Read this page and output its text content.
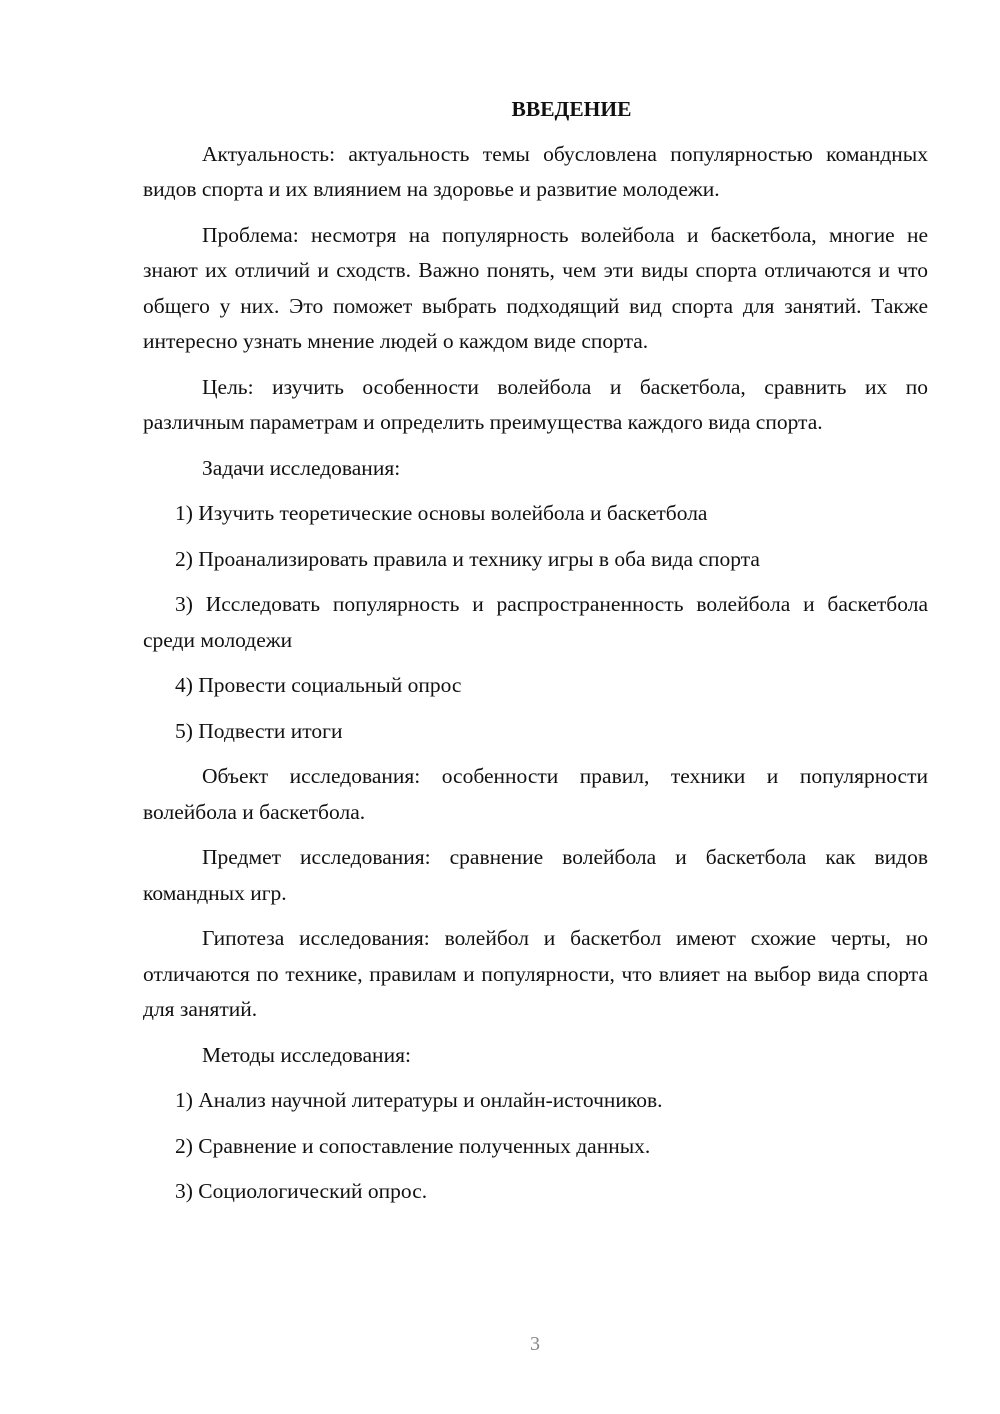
ВВЕДЕНИЕ

Актуальность: актуальность темы обусловлена популярностью командных видов спорта и их влиянием на здоровье и развитие молодежи.

Проблема: несмотря на популярность волейбола и баскетбола, многие не знают их отличий и сходств. Важно понять, чем эти виды спорта отличаются и что общего у них. Это поможет выбрать подходящий вид спорта для занятий. Также интересно узнать мнение людей о каждом виде спорта.

Цель: изучить особенности волейбола и баскетбола, сравнить их по различным параметрам и определить преимущества каждого вида спорта.

Задачи исследования:

1) Изучить теоретические основы волейбола и баскетбола

2) Проанализировать правила и технику игры в оба вида спорта

3) Исследовать популярность и распространенность волейбола и баскетбола среди молодежи

4) Провести социальный опрос

5) Подвести итоги

Объект исследования: особенности правил, техники и популярности волейбола и баскетбола.

Предмет исследования: сравнение волейбола и баскетбола как видов командных игр.

Гипотеза исследования: волейбол и баскетбол имеют схожие черты, но отличаются по технике, правилам и популярности, что влияет на выбор вида спорта для занятий.

Методы исследования:

1) Анализ научной литературы и онлайн-источников.

2) Сравнение и сопоставление полученных данных.

3) Социологический опрос.

3
